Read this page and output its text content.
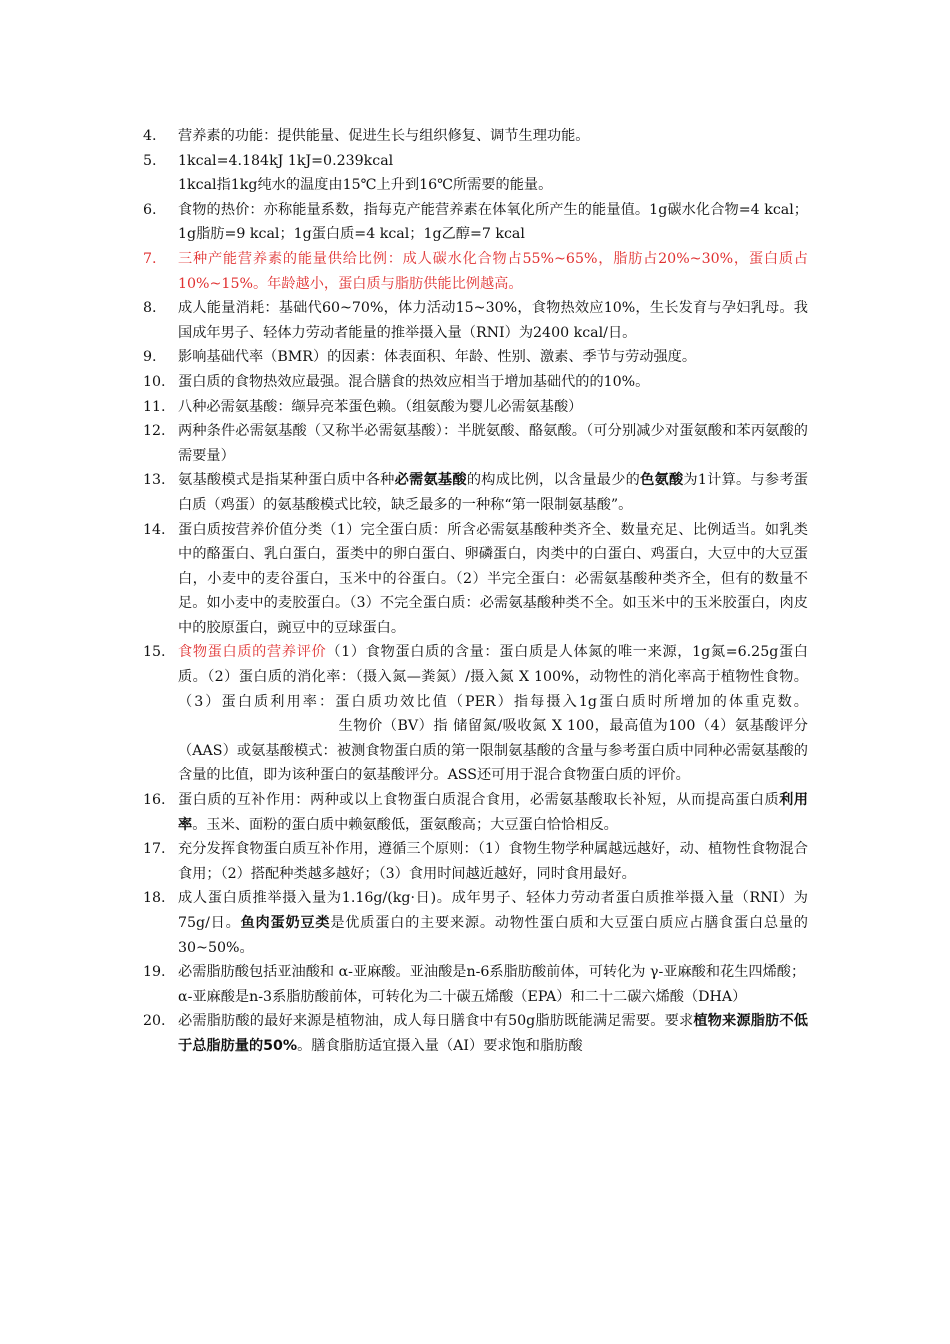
4. 营养素的功能：提供能量、促进生长与组织修复、调节生理功能。

5. 1kcal=4.184kJ 1kJ=0.239kcal
1kcal指1kg纯水的温度由15℃上升到16℃所需要的能量。

6. 食物的热价：亦称能量系数，指每克产能营养素在体氧化所产生的能量值。1g碳水化合物=4 kcal；1g脂肪=9 kcal；1g蛋白质=4 kcal；1g乙醇=7 kcal

7. 三种产能营养素的能量供给比例：成人碳水化合物占55%~65%，脂肪占20%~30%，蛋白质占10%~15%。年龄越小，蛋白质与脂肪供能比例越高。

8. 成人能量消耗：基础代60~70%，体力活动15~30%，食物热效应10%，生长发育与孕妇乳母。我国成年男子、轻体力劳动者能量的推举摄入量（RNI）为2400 kcal/日。

9. 影响基础代率（BMR）的因素：体表面积、年龄、性别、激素、季节与劳动强度。

10. 蛋白质的食物热效应最强。混合膳食的热效应相当于增加基础代的的10%。

11. 八种必需氨基酸：缬异亮苯蛋色赖。（组氨酸为婴儿必需氨基酸）

12. 两种条件必需氨基酸（又称半必需氨基酸）：半胱氨酸、酪氨酸。（可分别减少对蛋氨酸和苯丙氨酸的需要量）

13. 氨基酸模式是指某种蛋白质中各种必需氨基酸的构成比例，以含量最少的色氨酸为1计算。与参考蛋白质（鸡蛋）的氨基酸模式比较，缺乏最多的一种称“第一限制氨基酸”。

14. 蛋白质按营养价值分类（1）完全蛋白质：所含必需氨基酸种类齐全、数量充足、比例适当。如乳类中的酪蛋白、乳白蛋白，蛋类中的卵白蛋白、卵磷蛋白，肉类中的白蛋白、鸡蛋白，大豆中的大豆蛋白，小麦中的麦谷蛋白，玉米中的谷蛋白。（2）半完全蛋白：必需氨基酸种类齐全，但有的数量不足。如小麦中的麦胶蛋白。（3）不完全蛋白质：必需氨基酸种类不全。如玉米中的玉米胶蛋白，肉皮中的胶原蛋白，豌豆中的豆球蛋白。

15. 食物蛋白质的营养评价（1）食物蛋白质的含量：蛋白质是人体氮的唯一来源，1g氮=6.25g蛋白质。（2）蛋白质的消化率：（摄入氮—粪氮）/摄入氮 X 100%，动物性的消化率高于植物性食物。（3）蛋白质利用率：蛋白质功效比值（PER）指每摄入1g蛋白质时所增加的体重克数。生物价（BV）指 储留氮/吸收氮 X 100，最高值为100（4）氨基酸评分（AAS）或氨基酸模式：被测食物蛋白质的第一限制氨基酸的含量与参考蛋白质中同种必需氨基酸的含量的比值，即为该种蛋白的氨基酸评分。ASS还可用于混合食物蛋白质的评价。

16. 蛋白质的互补作用：两种或以上食物蛋白质混合食用，必需氨基酸取长补短，从而提高蛋白质利用率。玉米、面粉的蛋白质中赖氨酸低，蛋氨酸高；大豆蛋白恰恰相反。

17. 充分发挥食物蛋白质互补作用，遵循三个原则：（1）食物生物学种属越远越好，动、植物性食物混合食用；（2）搭配种类越多越好；（3）食用时间越近越好，同时食用最好。

18. 成人蛋白质推举摄入量为1.16g/(kg·日)。成年男子、轻体力劳动者蛋白质推举摄入量（RNI）为75g/日。鱼肉蛋奶豆类是优质蛋白的主要来源。动物性蛋白质和大豆蛋白质应占膳食蛋白总量的30~50%。

19. 必需脂肪酸包括亚油酸和 α-亚麻酸。亚油酸是n-6系脂肪酸前体，可转化为 γ-亚麻酸和花生四烯酸；
α-亚麻酸是n-3系脂肪酸前体，可转化为二十碳五烯酸（EPA）和二十二碳六烯酸（DHA）

20. 必需脂肪酸的最好来源是植物油，成人每日膳食中有50g脂肪既能满足需要。要求植物来源脂肪不低于总脂肪量的50%。膳食脂肪适宜摄入量（AI）要求饱和脂肪酸
